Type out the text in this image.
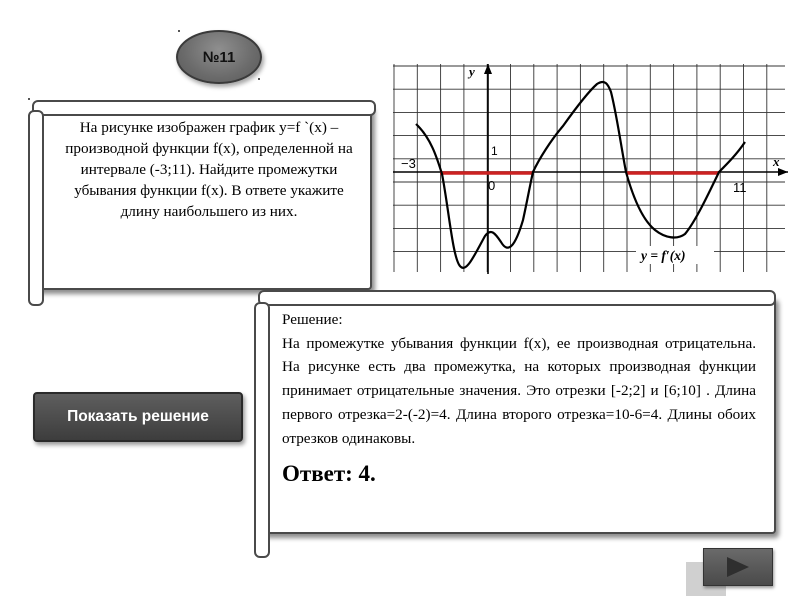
№11
На рисунке изображен график y=f `(x) – производной функции f(x), определенной на интервале (-3;11). Найдите промежутки убывания функции f(x). В ответе укажите длину наибольшего из них.
y
x
−3
0	11
1
y = f′(x)
Решение:
На промежутке убывания функции f(x), ее производная отрицательна. На рисунке есть два промежутка, на которых производная функции принимает отрицательные значения. Это отрезки [-2;2] и [6;10] . Длина первого отрезка=2-(-2)=4. Длина второго отрезка=10-6=4. Длины обоих отрезков одинаковы.
Ответ: 4.
Показать решение
